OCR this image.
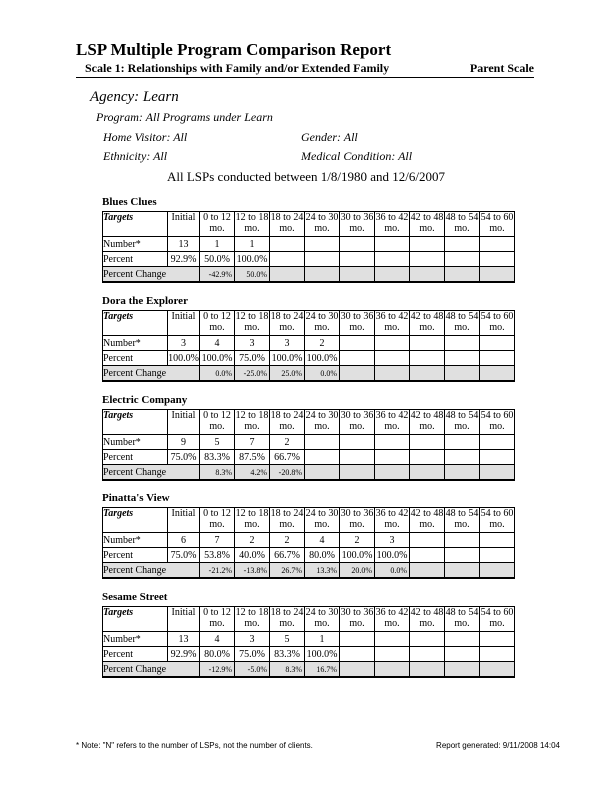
LSP Multiple Program Comparison Report
Scale 1: Relationships with Family and/or Extended Family	Parent Scale
Agency: Learn
Program: All Programs under Learn
Home Visitor: All	Gender: All
Ethnicity: All	Medical Condition: All
All LSPs conducted between 1/8/1980 and 12/6/2007
Blues Clues
Targets	Initial	0 to 12 mo.	12 to 18 mo.	18 to 24 mo.	24 to 30 mo.	30 to 36 mo.	36 to 42 mo.	42 to 48 mo.	48 to 54 mo.	54 to 60 mo.
Number*	13	1	1							
Percent	92.9%	50.0%	100.0%							
Percent Change		-42.9%	50.0%							
Dora the Explorer
Targets	Initial	0 to 12 mo.	12 to 18 mo.	18 to 24 mo.	24 to 30 mo.	30 to 36 mo.	36 to 42 mo.	42 to 48 mo.	48 to 54 mo.	54 to 60 mo.
Number*	3	4	3	3	2					
Percent	100.0%	100.0%	75.0%	100.0%	100.0%					
Percent Change		0.0%	-25.0%	25.0%	0.0%					
Electric Company
Targets	Initial	0 to 12 mo.	12 to 18 mo.	18 to 24 mo.	24 to 30 mo.	30 to 36 mo.	36 to 42 mo.	42 to 48 mo.	48 to 54 mo.	54 to 60 mo.
Number*	9	5	7	2						
Percent	75.0%	83.3%	87.5%	66.7%						
Percent Change		8.3%	4.2%	-20.8%						
Pinatta's View
Targets	Initial	0 to 12 mo.	12 to 18 mo.	18 to 24 mo.	24 to 30 mo.	30 to 36 mo.	36 to 42 mo.	42 to 48 mo.	48 to 54 mo.	54 to 60 mo.
Number*	6	7	2	2	4	2	3			
Percent	75.0%	53.8%	40.0%	66.7%	80.0%	100.0%	100.0%			
Percent Change		-21.2%	-13.8%	26.7%	13.3%	20.0%	0.0%			
Sesame Street
Targets	Initial	0 to 12 mo.	12 to 18 mo.	18 to 24 mo.	24 to 30 mo.	30 to 36 mo.	36 to 42 mo.	42 to 48 mo.	48 to 54 mo.	54 to 60 mo.
Number*	13	4	3	5	1					
Percent	92.9%	80.0%	75.0%	83.3%	100.0%					
Percent Change		-12.9%	-5.0%	8.3%	16.7%					
* Note: "N" refers to the number of LSPs, not the number of clients.	Report generated: 9/11/2008 14:04
